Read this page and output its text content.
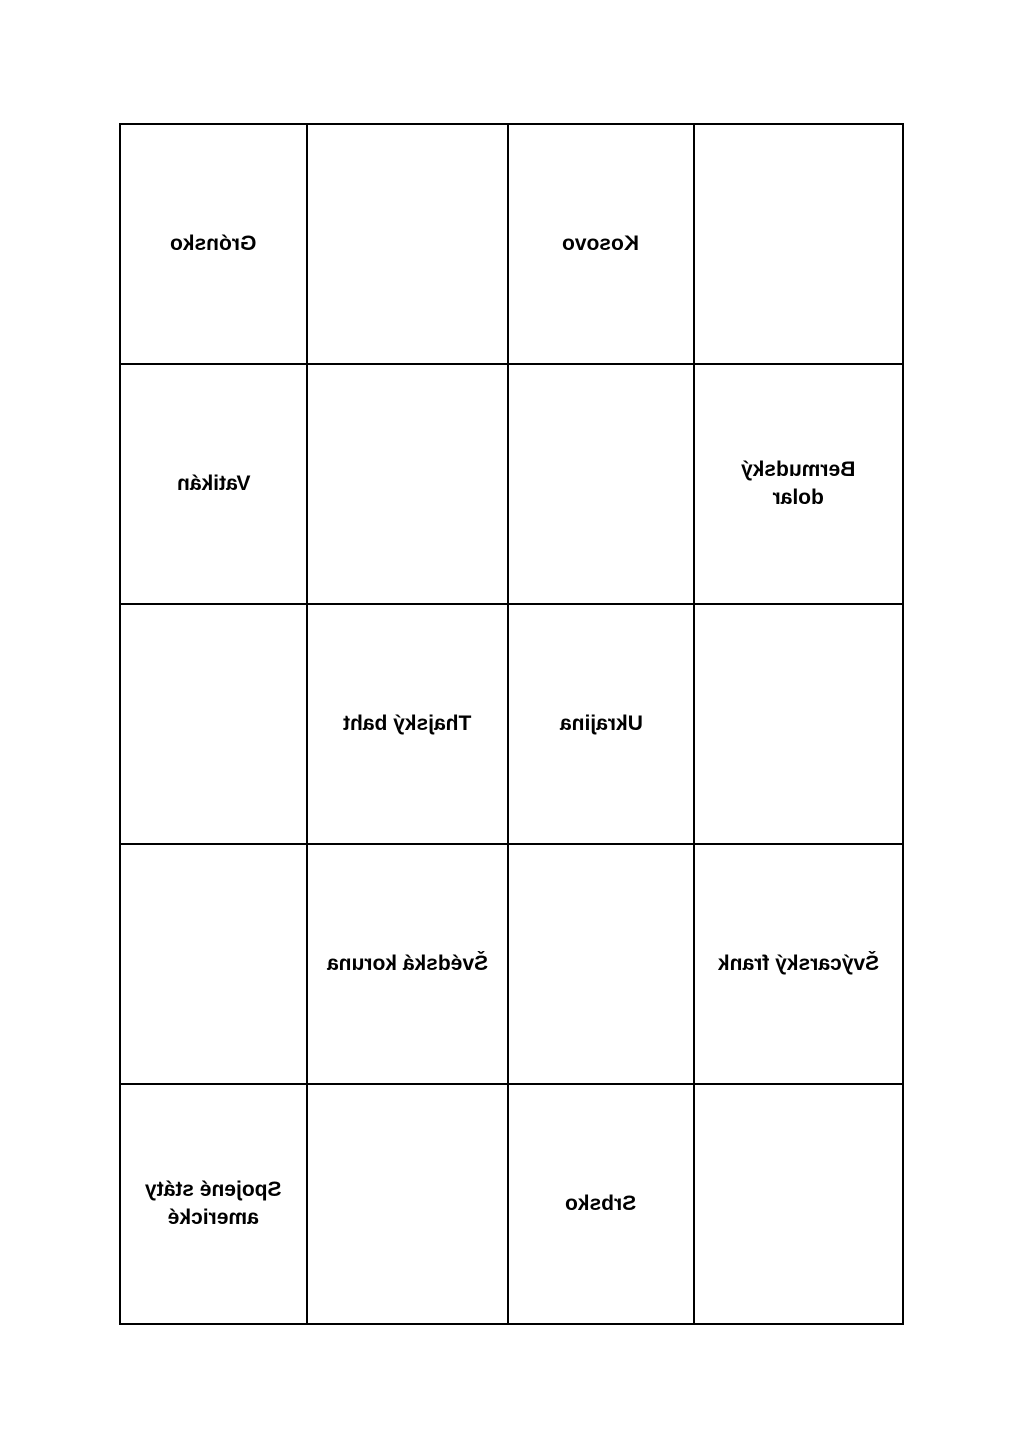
Grónsko		Kosovo	
Vatikán			Bermudský
dolar
	Thajský baht	Ukrajina	
	Švédská koruna		Švýcarský frank
Spojené státy
americké		Srbsko	
